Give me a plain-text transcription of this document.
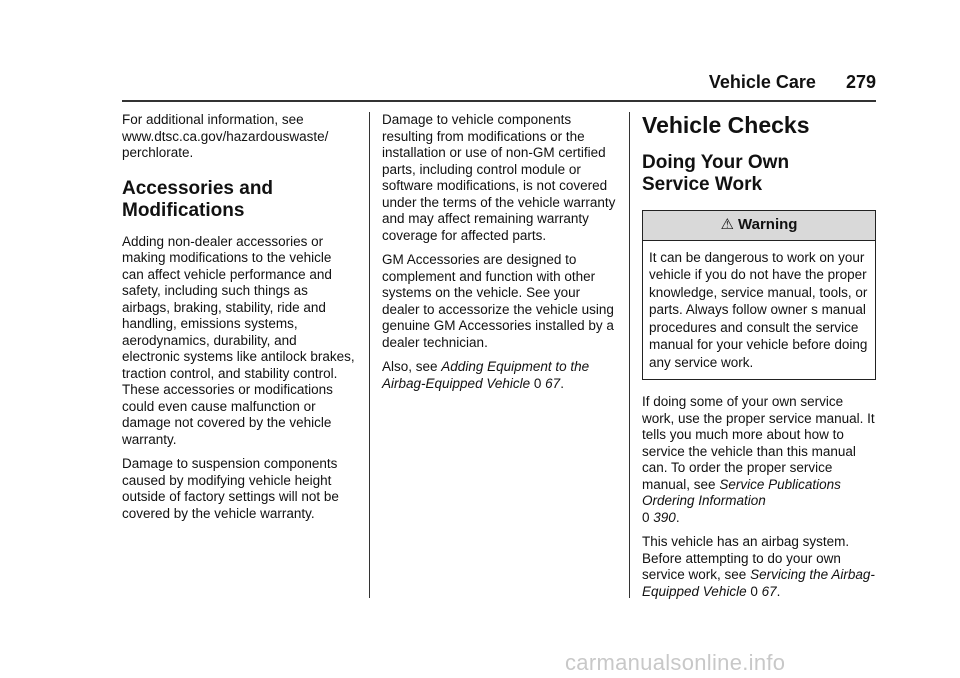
Vehicle Care 279

For additional information, see www.dtsc.ca.gov/hazardouswaste/ perchlorate.

Accessories and
Modifications

Adding non-dealer accessories or making modifications to the vehicle can affect vehicle performance and safety, including such things as airbags, braking, stability, ride and handling, emissions systems, aerodynamics, durability, and electronic systems like antilock brakes, traction control, and stability control. These accessories or modifications could even cause malfunction or damage not covered by the vehicle warranty.

Damage to suspension components caused by modifying vehicle height outside of factory settings will not be covered by the vehicle warranty.

Damage to vehicle components resulting from modifications or the installation or use of non-GM certified parts, including control module or software modifications, is not covered under the terms of the vehicle warranty and may affect remaining warranty coverage for affected parts.

GM Accessories are designed to complement and function with other systems on the vehicle. See your dealer to accessorize the vehicle using genuine GM Accessories installed by a dealer technician.

Also, see Adding Equipment to the Airbag-Equipped Vehicle 0 67.

Vehicle Checks
Doing Your Own
Service Work
⚠ Warning
It can be dangerous to work on your vehicle if you do not have the proper knowledge, service manual, tools, or parts. Always follow owner s manual procedures and consult the service manual for your vehicle before doing any service work.

If doing some of your own service work, use the proper service manual. It tells you much more about how to service the vehicle than this manual can. To order the proper service manual, see Service Publications Ordering Information
0 390.

This vehicle has an airbag system. Before attempting to do your own service work, see Servicing the Airbag-Equipped Vehicle 0 67.

carmanualsonline.info
